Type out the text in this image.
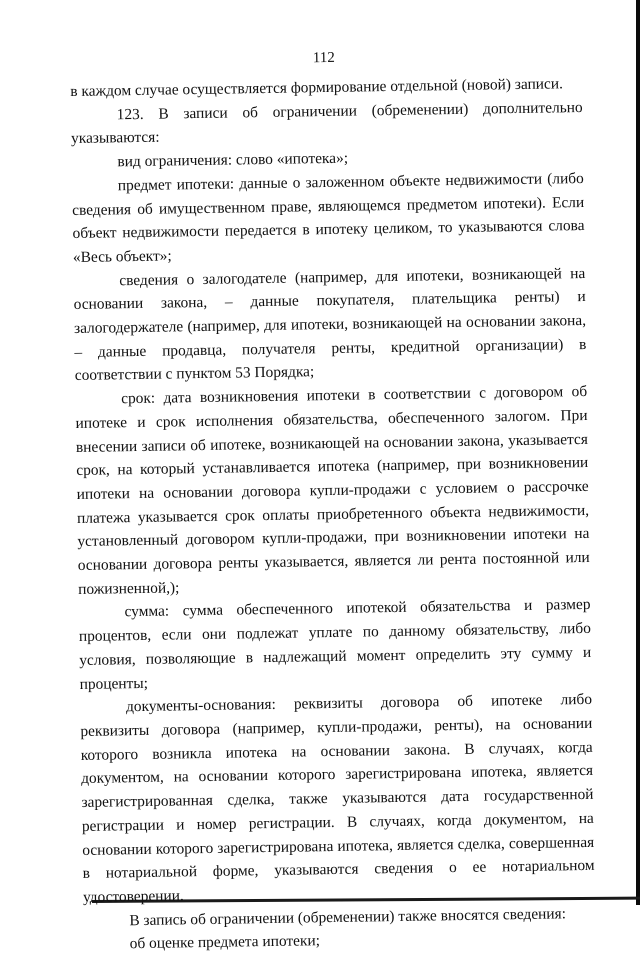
112

в каждом случае осуществляется формирование отдельной (новой) записи.

123. В записи об ограничении (обременении) дополнительно указываются:

вид ограничения: слово «ипотека»;

предмет ипотеки: данные о заложенном объекте недвижимости (либо сведения об имущественном праве, являющемся предметом ипотеки). Если объект недвижимости передается в ипотеку целиком, то указываются слова «Весь объект»;

сведения о залогодателе (например, для ипотеки, возникающей на основании закона, – данные покупателя, плательщика ренты) и залогодержателе (например, для ипотеки, возникающей на основании закона, – данные продавца, получателя ренты, кредитной организации) в соответствии с пунктом 53 Порядка;

срок: дата возникновения ипотеки в соответствии с договором об ипотеке и срок исполнения обязательства, обеспеченного залогом. При внесении записи об ипотеке, возникающей на основании закона, указывается срок, на который устанавливается ипотека (например, при возникновении ипотеки на основании договора купли-продажи с условием о рассрочке платежа указывается срок оплаты приобретенного объекта недвижимости, установленный договором купли-продажи, при возникновении ипотеки на основании договора ренты указывается, является ли рента постоянной или пожизненной,);

сумма: сумма обеспеченного ипотекой обязательства и размер процентов, если они подлежат уплате по данному обязательству, либо условия, позволяющие в надлежащий момент определить эту сумму и проценты;

документы-основания: реквизиты договора об ипотеке либо реквизиты договора (например, купли-продажи, ренты), на основании которого возникла ипотека на основании закона. В случаях, когда документом, на основании которого зарегистрирована ипотека, является зарегистрированная сделка, также указываются дата государственной регистрации и номер регистрации. В случаях, когда документом, на основании которого зарегистрирована ипотека, является сделка, совершенная в нотариальной форме, указываются сведения о ее нотариальном удостоверении.

В запись об ограничении (обременении) также вносятся сведения:

об оценке предмета ипотеки;
